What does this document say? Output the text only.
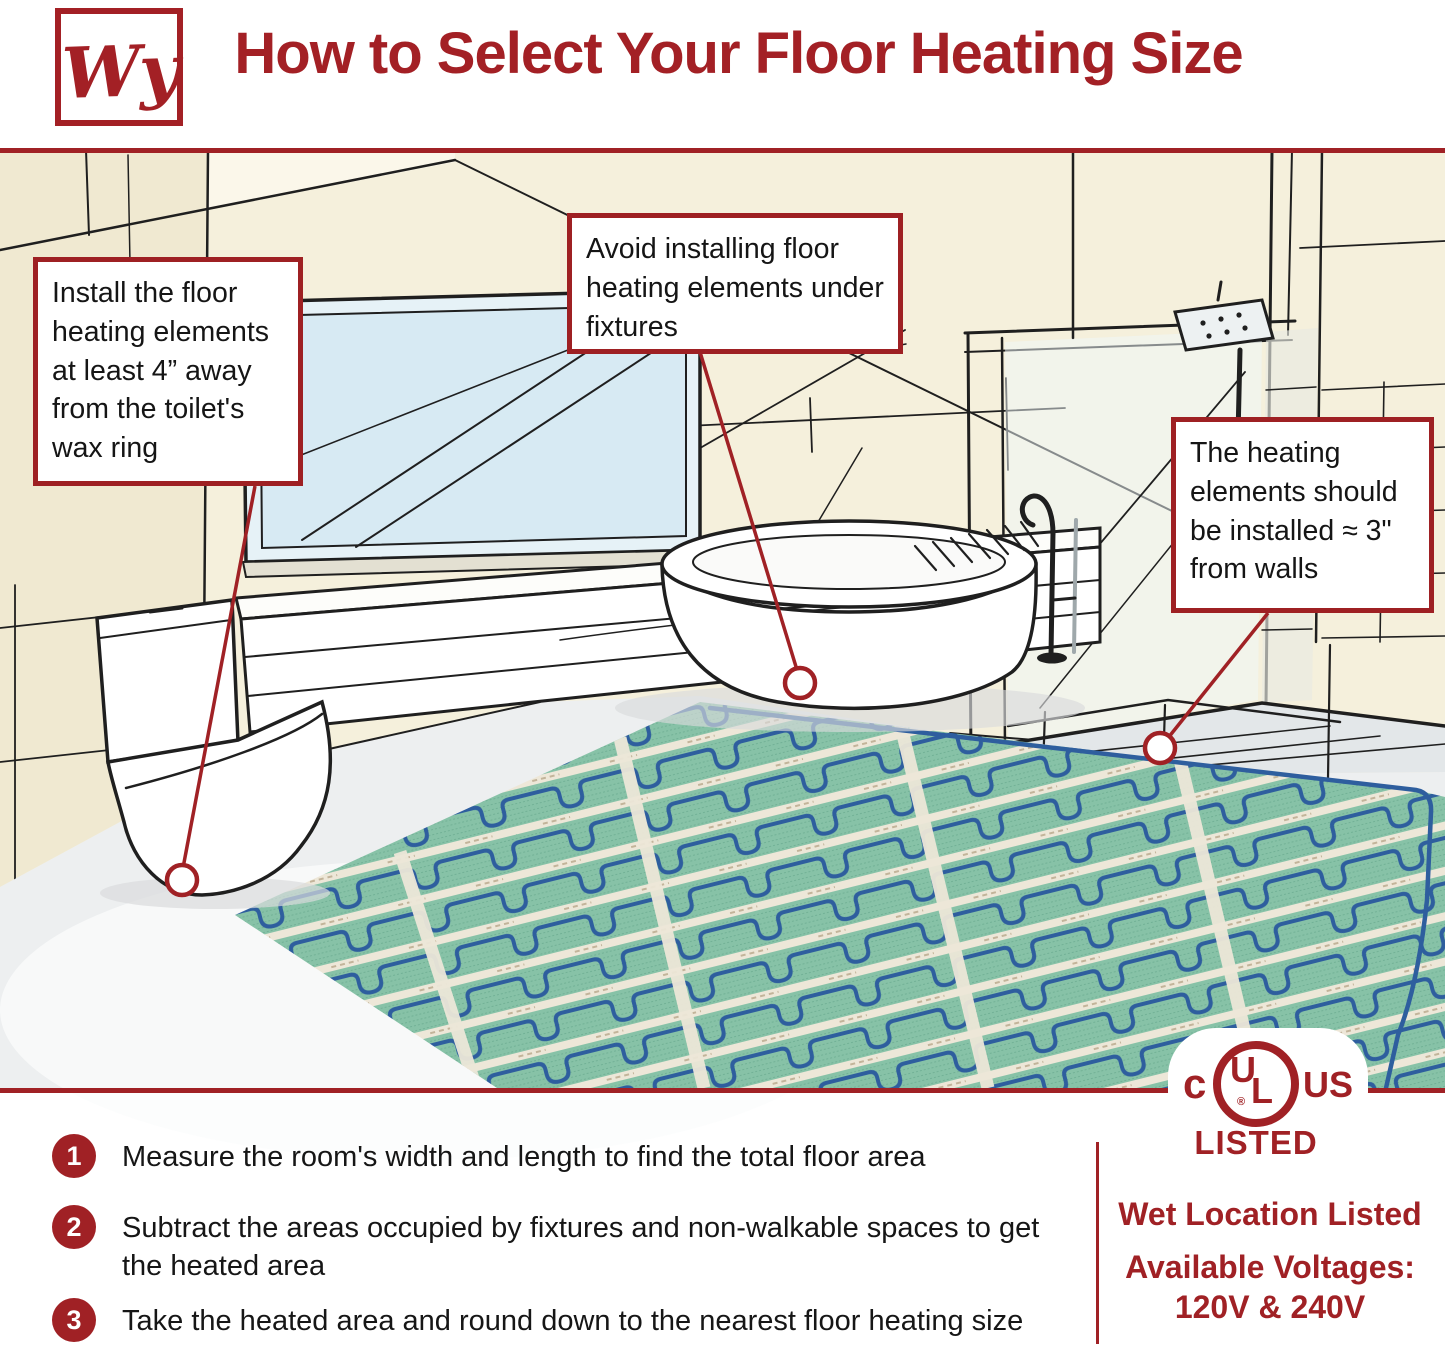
Wy How to Select Your Floor Heating Size
Install the floor heating elements at least 4” away from the toilet's wax ring
Avoid installing floor heating elements under fixtures
The heating elements should be installed ≈ 3" from walls
c U
L
® US
LISTED
1	Measure the room's width and length to find the total floor area
2	Subtract the areas occupied by fixtures and non-walkable spaces to get the heated area
3	Take the heated area and round down to the nearest floor heating size
Wet Location Listed
Available Voltages:
120V & 240V
